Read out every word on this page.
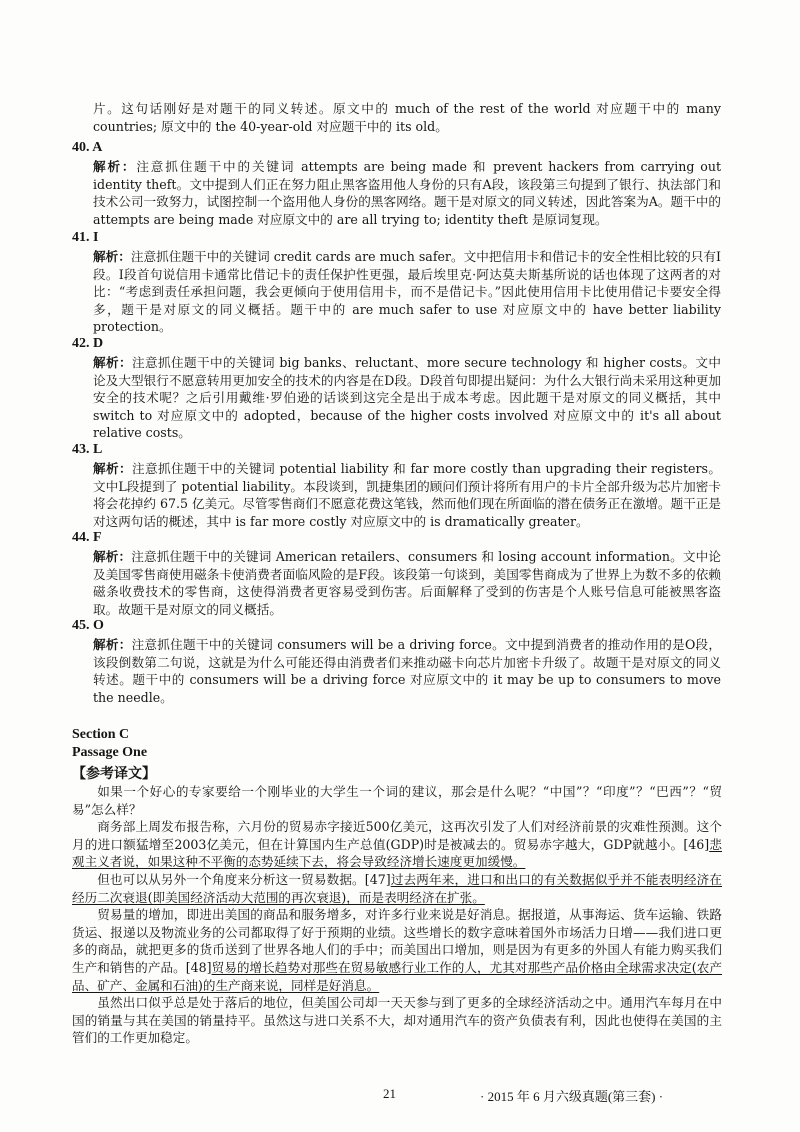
片。这句话刚好是对题干的同义转述。原文中的 much of the rest of the world 对应题干中的 many countries; 原文中的 the 40-year-old 对应题干中的 its old。
40. A
解析：注意抓住题干中的关键词 attempts are being made 和 prevent hackers from carrying out identity theft。文中提到人们正在努力阻止黑客盗用他人身份的只有A段，该段第三句提到了银行、执法部门和技术公司一致努力，试图控制一个盗用他人身份的黑客网络。题干是对原文的同义转述，因此答案为A。题干中的 attempts are being made 对应原文中的 are all trying to; identity theft 是原词复现。
41. I
解析：注意抓住题干中的关键词 credit cards are much safer。文中把信用卡和借记卡的安全性相比较的只有I段。I段首句说信用卡通常比借记卡的责任保护性更强，最后埃里克·阿达莫夫斯基所说的话也体现了这两者的对比：“考虑到责任承担问题，我会更倾向于使用信用卡，而不是借记卡。”因此使用信用卡比使用借记卡要安全得多，题干是对原文的同义概括。题干中的 are much safer to use 对应原文中的 have better liability protection。
42. D
解析：注意抓住题干中的关键词 big banks、reluctant、more secure technology 和 higher costs。文中论及大型银行不愿意转用更加安全的技术的内容是在D段。D段首句即提出疑问：为什么大银行尚未采用这种更加安全的技术呢？之后引用戴维·罗伯逊的话谈到这完全是出于成本考虑。因此题干是对原文的同义概括，其中 switch to 对应原文中的 adopted，because of the higher costs involved 对应原文中的 it's all about relative costs。
43. L
解析：注意抓住题干中的关键词 potential liability 和 far more costly than upgrading their registers。文中L段提到了 potential liability。本段谈到，凯捷集团的顾问们预计将所有用户的卡片全部升级为芯片加密卡将会花掉约 67.5 亿美元。尽管零售商们不愿意花费这笔钱，然而他们现在所面临的潜在债务正在激增。题干正是对这两句话的概述，其中 is far more costly 对应原文中的 is dramatically greater。
44. F
解析：注意抓住题干中的关键词 American retailers、consumers 和 losing account information。文中论及美国零售商使用磁条卡使消费者面临风险的是F段。该段第一句谈到，美国零售商成为了世界上为数不多的依赖磁条收费技术的零售商，这使得消费者更容易受到伤害。后面解释了受到的伤害是个人账号信息可能被黑客盗取。故题干是对原文的同义概括。
45. O
解析：注意抓住题干中的关键词 consumers will be a driving force。文中提到消费者的推动作用的是O段，该段倒数第二句说，这就是为什么可能还得由消费者们来推动磁卡向芯片加密卡升级了。故题干是对原文的同义转述。题干中的 consumers will be a driving force 对应原文中的 it may be up to consumers to move the needle。
Section C
Passage One
【参考译文】

如果一个好心的专家要给一个刚毕业的大学生一个词的建议，那会是什么呢？“中国”？“印度”？“巴西”？“贸易”怎么样？

商务部上周发布报告称，六月份的贸易赤字接近500亿美元，这再次引发了人们对经济前景的灾难性预测。这个月的进口额猛增至2003亿美元，但在计算国内生产总值(GDP)时是被减去的。贸易赤字越大，GDP就越小。[46]悲观主义者说，如果这种不平衡的态势延续下去，将会导致经济增长速度更加缓慢。

但也可以从另外一个角度来分析这一贸易数据。[47]过去两年来，进口和出口的有关数据似乎并不能表明经济在经历二次衰退(即美国经济活动大范围的再次衰退)，而是表明经济在扩张。

贸易量的增加，即进出美国的商品和服务增多，对许多行业来说是好消息。据报道，从事海运、货车运输、铁路货运、报递以及物流业务的公司都取得了好于预期的业绩。这些增长的数字意味着国外市场活力日增——我们进口更多的商品，就把更多的货币送到了世界各地人们的手中；而美国出口增加，则是因为有更多的外国人有能力购买我们生产和销售的产品。[48]贸易的增长趋势对那些在贸易敏感行业工作的人，尤其对那些产品价格由全球需求决定(农产品、矿产、金属和石油)的生产商来说，同样是好消息。

虽然出口似乎总是处于落后的地位，但美国公司却一天天参与到了更多的全球经济活动之中。通用汽车每月在中国的销量与其在美国的销量持平。虽然这与进口关系不大，却对通用汽车的资产负债表有利，因此也使得在美国的主管们的工作更加稳定。

21	· 2015 年 6 月六级真题(第三套) ·
